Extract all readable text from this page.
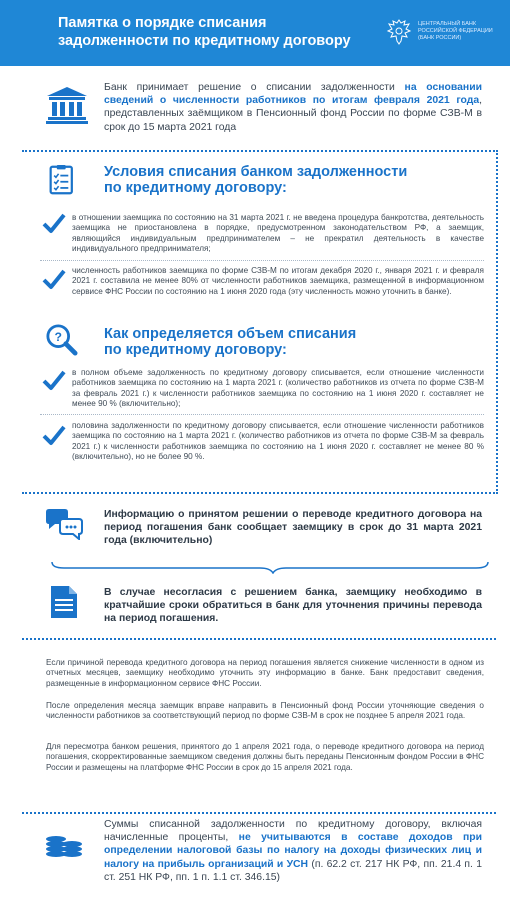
Памятка о порядке списания
задолженности по кредитному договору
ЦЕНТРАЛЬНЫЙ БАНК
РОССИЙСКОЙ ФЕДЕРАЦИИ
(БАНК РОССИИ)
Банк принимает решение о списании задолженности на основании сведений о численности работников по итогам февраля 2021 года, представленных заёмщиком в Пенсионный фонд России по форме СЗВ-М в срок до 15 марта 2021 года
Условия списания банком задолженности
по кредитному договору:
в отношении заемщика по состоянию на 31 марта 2021 г. не введена процедура банкротства, деятельность заемщика не приостановлена в порядке, предусмотренном законодательством РФ, а заемщик, являющийся индивидуальным предпринимателем – не прекратил деятельность в качестве индивидуального предпринимателя;
численность работников заемщика по форме СЗВ-М по итогам декабря 2020 г., января 2021 г. и февраля 2021 г. составила не менее 80% от численности работников заемщика, размещенной в информационном сервисе ФНС России по состоянию на 1 июня 2020 года (эту численность можно уточнить в банке).
?	Как определяется объем списания
по кредитному договору:
в полном объеме задолженность по кредитному договору списывается, если отношение численности работников заемщика по состоянию на 1 марта 2021 г. (количество работников из отчета по форме СЗВ-М за февраль 2021 г.) к численности работников заемщика по состоянию на 1 июня 2020 г. составляет не менее 90 % (включительно);
половина задолженности по кредитному договору списывается, если отношение численности работников заемщика по состоянию на 1 марта 2021 г. (количество работников из отчета по форме СЗВ-М за февраль 2021 г.) к численности работников заемщика по состоянию на 1 июня 2020 г. составляет не менее 80 % (включительно), но не более 90 %.
Информацию о принятом решении о переводе кредитного договора на период погашения банк сообщает заемщику в срок до 31 марта 2021 года (включительно)
В случае несогласия с решением банка, заемщику необходимо в кратчайшие сроки обратиться в банк для уточнения причины перевода на период погашения.
Если причиной перевода кредитного договора на период погашения является снижение численности в одном из отчетных месяцев, заемщику необходимо уточнить эту информацию в банке. Банк предоставит сведения, размещенные в информационном сервисе ФНС России.
После определения месяца заемщик вправе направить в Пенсионный фонд России уточняющие сведения о численности работников за соответствующий период по форме СЗВ-М в срок не позднее 5 апреля 2021 года.
Для пересмотра банком решения, принятого до 1 апреля 2021 года, о переводе кредитного договора на период погашения, скорректированные заемщиком сведения должны быть переданы Пенсионным фондом России в ФНС России и размещены на платформе ФНС России в срок до 15 апреля 2021 года.
Суммы списанной задолженности по кредитному договору, включая начисленные проценты, не учитываются в составе доходов при определении налоговой базы по налогу на доходы физических лиц и налогу на прибыль организаций и УСН (п. 62.2 ст. 217 НК РФ, пп. 21.4 п. 1 ст. 251 НК РФ, пп. 1 п. 1.1 ст. 346.15)
